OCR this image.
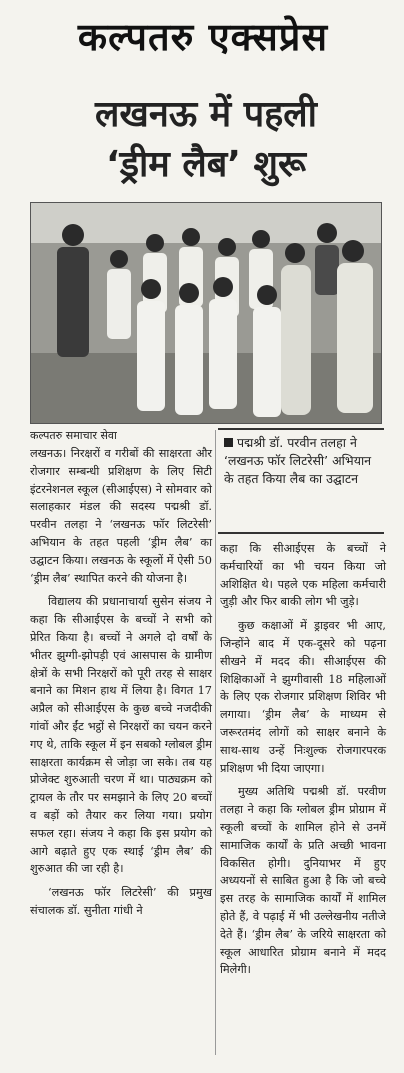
कल्पतरु एक्सप्रेस
लखनऊ में पहली
‘ड्रीम लैब’ शुरू
कल्पतरु समाचार सेवा	पद्मश्री डॉ. परवीन तलहा ने ‘लखनऊ फॉर लिटरेसी’ अभियान के तहत किया लैब का उद्घाटन

लखनऊ। निरक्षरों व गरीबों की साक्षरता और रोजगार सम्बन्धी प्रशिक्षण के लिए सिटी इंटरनेशनल स्कूल (सीआईएस) ने सोमवार को सलाहकार मंडल की सदस्य पद्मश्री डॉ. परवीन तलहा ने ‘लखनऊ फॉर लिटरेसी’ अभियान के तहत पहली ‘ड्रीम लैब’ का उद्घाटन किया। लखनऊ के स्कूलों में ऐसी 50 ‘ड्रीम लैब’ स्थापित करने की योजना है।

विद्यालय की प्रधानाचार्या सुसेन संजय ने कहा कि सीआईएस के बच्चों ने सभी को प्रेरित किया है। बच्चों ने अगले दो वर्षों के भीतर झुग्गी-झोपड़ी एवं आसपास के ग्रामीण क्षेत्रों के सभी निरक्षरों को पूरी तरह से साक्षर बनाने का मिशन हाथ में लिया है। विगत 17 अप्रैल को सीआईएस के कुछ बच्चे नजदीकी गांवों और ईंट भट्ठों से निरक्षरों का चयन करने गए थे, ताकि स्कूल में इन सबको ग्लोबल ड्रीम साक्षरता कार्यक्रम से जोड़ा जा सके। तब यह प्रोजेक्ट शुरुआती चरण में था। पाठ्यक्रम को ट्रायल के तौर पर समझाने के लिए 20 बच्चों व बड़ों को तैयार कर लिया गया। प्रयोग सफल रहा। संजय ने कहा कि इस प्रयोग को आगे बढ़ाते हुए एक स्थाई ‘ड्रीम लैब’ की शुरुआत की जा रही है।

‘लखनऊ फॉर लिटरेसी’ की प्रमुख संचालक डॉ. सुनीता गांधी ने

कहा कि सीआईएस के बच्चों ने कर्मचारियों का भी चयन किया जो अशिक्षित थे। पहले एक महिला कर्मचारी जुड़ी और फिर बाकी लोग भी जुड़े।

कुछ कक्षाओं में ड्राइवर भी आए, जिन्होंने बाद में एक-दूसरे को पढ़ना सीखने में मदद की। सीआईएस की शिक्षिकाओं ने झुग्गीवासी 18 महिलाओं के लिए एक रोजगार प्रशिक्षण शिविर भी लगाया। ‘ड्रीम लैब’ के माध्यम से जरूरतमंद लोगों को साक्षर बनाने के साथ-साथ उन्हें निःशुल्क रोजगारपरक प्रशिक्षण भी दिया जाएगा।

मुख्य अतिथि पद्मश्री डॉ. परवीण तलहा ने कहा कि ग्लोबल ड्रीम प्रोग्राम में स्कूली बच्चों के शामिल होने से उनमें सामाजिक कार्यों के प्रति अच्छी भावना विकसित होगी। दुनियाभर में हुए अध्ययनों से साबित हुआ है कि जो बच्चे इस तरह के सामाजिक कार्यों में शामिल होते हैं, वे पढ़ाई में भी उल्लेखनीय नतीजे देते हैं। ‘ड्रीम लैब’ के जरिये साक्षरता को स्कूल आधारित प्रोग्राम बनाने में मदद मिलेगी।
